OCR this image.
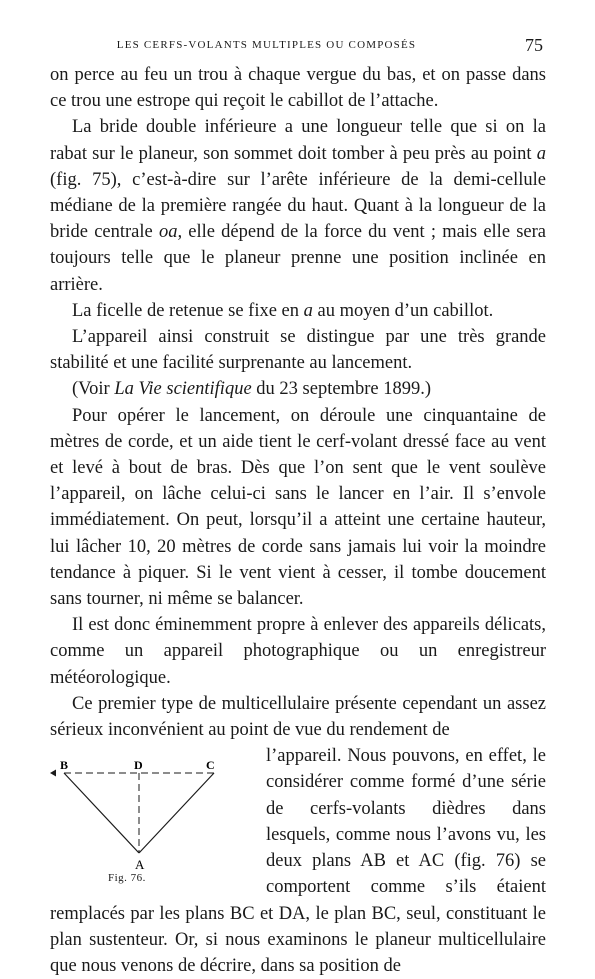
LES CERFS-VOLANTS MULTIPLES OU COMPOSÉS	75

on perce au feu un trou à chaque vergue du bas, et on passe dans ce trou une estrope qui reçoit le cabillot de l’attache.

La bride double inférieure a une longueur telle que si on la rabat sur le planeur, son sommet doit tomber à peu près au point a (fig. 75), c’est-à-dire sur l’arête inférieure de la demi-cellule médiane de la première rangée du haut. Quant à la longueur de la bride centrale oa, elle dépend de la force du vent ; mais elle sera toujours telle que le planeur prenne une position inclinée en arrière.

La ficelle de retenue se fixe en a au moyen d’un cabillot.

L’appareil ainsi construit se distingue par une très grande stabilité et une facilité surprenante au lancement.

(Voir La Vie scientifique du 23 septembre 1899.)

Pour opérer le lancement, on déroule une cinquantaine de mètres de corde, et un aide tient le cerf-volant dressé face au vent et levé à bout de bras. Dès que l’on sent que le vent soulève l’appareil, on lâche celui-ci sans le lancer en l’air. Il s’envole immédiatement. On peut, lorsqu’il a atteint une certaine hauteur, lui lâcher 10, 20 mètres de corde sans jamais lui voir la moindre tendance à piquer. Si le vent vient à cesser, il tombe doucement sans tourner, ni même se balancer.

Il est donc éminemment propre à enlever des appareils délicats, comme un appareil photographique ou un enregistreur météorologique.

Ce premier type de multicellulaire présente cependant un assez sérieux inconvénient au point de vue du rendement de

B	D	C
A
Fig. 76.

l’appareil. Nous pouvons, en effet, le considérer comme formé d’une série de cerfs-volants dièdres dans lesquels, comme nous l’avons vu, les deux plans AB et AC (fig. 76) se comportent comme s’ils étaient remplacés par les plans BC et DA, le plan BC, seul, constituant le plan sustenteur. Or, si nous examinons le planeur multicellulaire que nous venons de décrire, dans sa position de
